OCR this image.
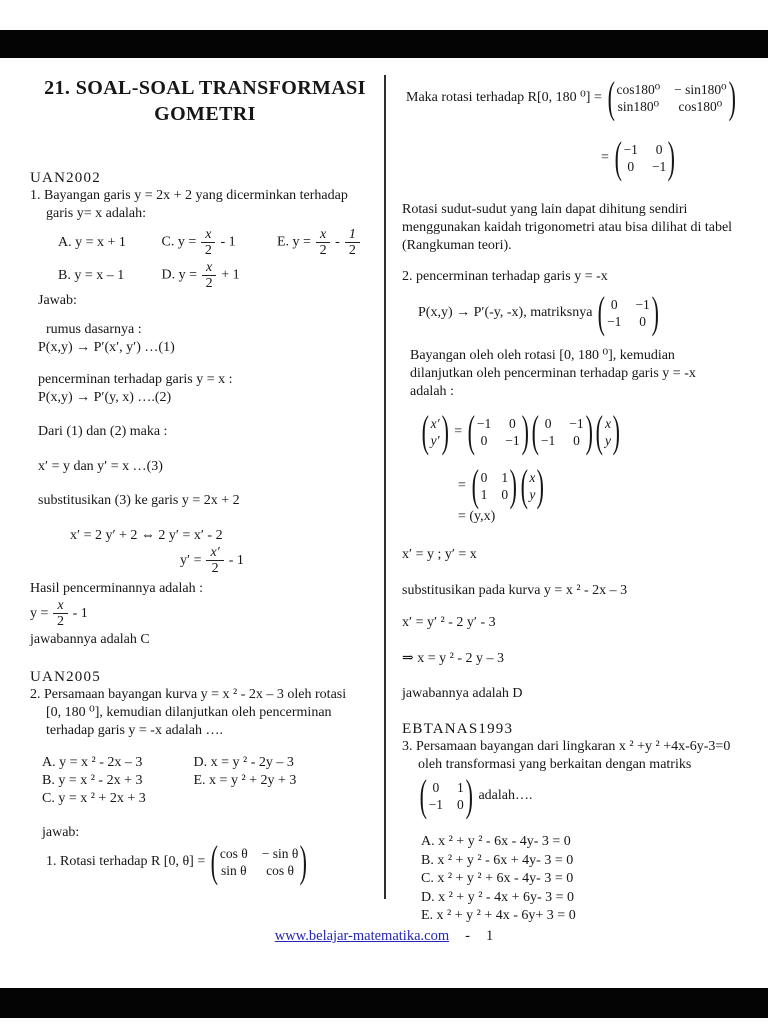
21. SOAL-SOAL TRANSFORMASI
GOMETRI
UAN2002
1. Bayangan garis y = 2x + 2 yang dicerminkan terhadap
garis y= x adalah:
A. y = x + 1	C. $y = \frac{x}{2} - 1$	E. $y = \frac{x}{2} - \frac{1}{2}$
B. y = x – 1	D. $y = \frac{x}{2} + 1$
Jawab:
rumus dasarnya :
P(x,y) → P′(x′, y′) …(1)
pencerminan terhadap garis y = x :
P(x,y) → P′(y, x) ….(2)
Dari (1) dan (2) maka :
x′ = y dan y′ = x …(3)
substitusikan (3) ke garis y = 2x + 2
x′ = 2 y′ + 2 ⇔ 2 y′ = x′ - 2
$y' = \frac{x'}{2} - 1$
Hasil pencerminannya adalah :
$y = \frac{x}{2} - 1$
jawabannya adalah C
UAN2005
2. Persamaan bayangan kurva y = x ² - 2x – 3 oleh rotasi
[0, 180 ⁰], kemudian dilanjutkan oleh pencerminan
terhadap garis y = -x adalah ….
A. y = x ² - 2x – 3	D. x = y ² - 2y – 3
B. y = x ² - 2x + 3	E. x = y ² + 2y + 3
C. y = x ² + 2x + 3
jawab:
1. Rotasi terhadap R [0, θ] = ( cos θ − sin θ
sin θ cos θ )
Maka rotasi terhadap R[0, 180 ⁰] = ( cos180⁰ − sin180⁰
sin180⁰ cos180⁰ )
= ( −1 0
0 −1 )
Rotasi sudut-sudut yang lain dapat dihitung sendiri
menggunakan kaidah trigonometri atau bisa dilihat di tabel
(Rangkuman teori).
2. pencerminan terhadap garis y = -x
P(x,y) → P′(-y, -x), matriksnya ( 0 −1
−1 0 )
Bayangan oleh oleh rotasi [0, 180 ⁰], kemudian
dilanjutkan oleh pencerminan terhadap garis y = -x
adalah :
( x′
y′ ) = ( −1 0
0 −1 ) ( 0 −1
−1 0 ) ( x
y )
= ( 0 1
1 0 ) ( x
y )
= (y,x)
x′ = y ; y′ = x
substitusikan pada kurva y = x ² - 2x – 3
x′ = y′ ² - 2 y′ - 3
⇒ x = y ² - 2 y – 3
jawabannya adalah D
EBTANAS1993
3. Persamaan bayangan dari lingkaran x ² +y ² +4x-6y-3=0
oleh transformasi yang berkaitan dengan matriks
( 0 1
−1 0 ) adalah….
A. x ² + y ² - 6x - 4y- 3 = 0
B. x ² + y ² - 6x + 4y- 3 = 0
C. x ² + y ² + 6x - 4y- 3 = 0
D. x ² + y ² - 4x + 6y- 3 = 0
E. x ² + y ² + 4x - 6y+ 3 = 0
www.belajar-matematika.com - 1
